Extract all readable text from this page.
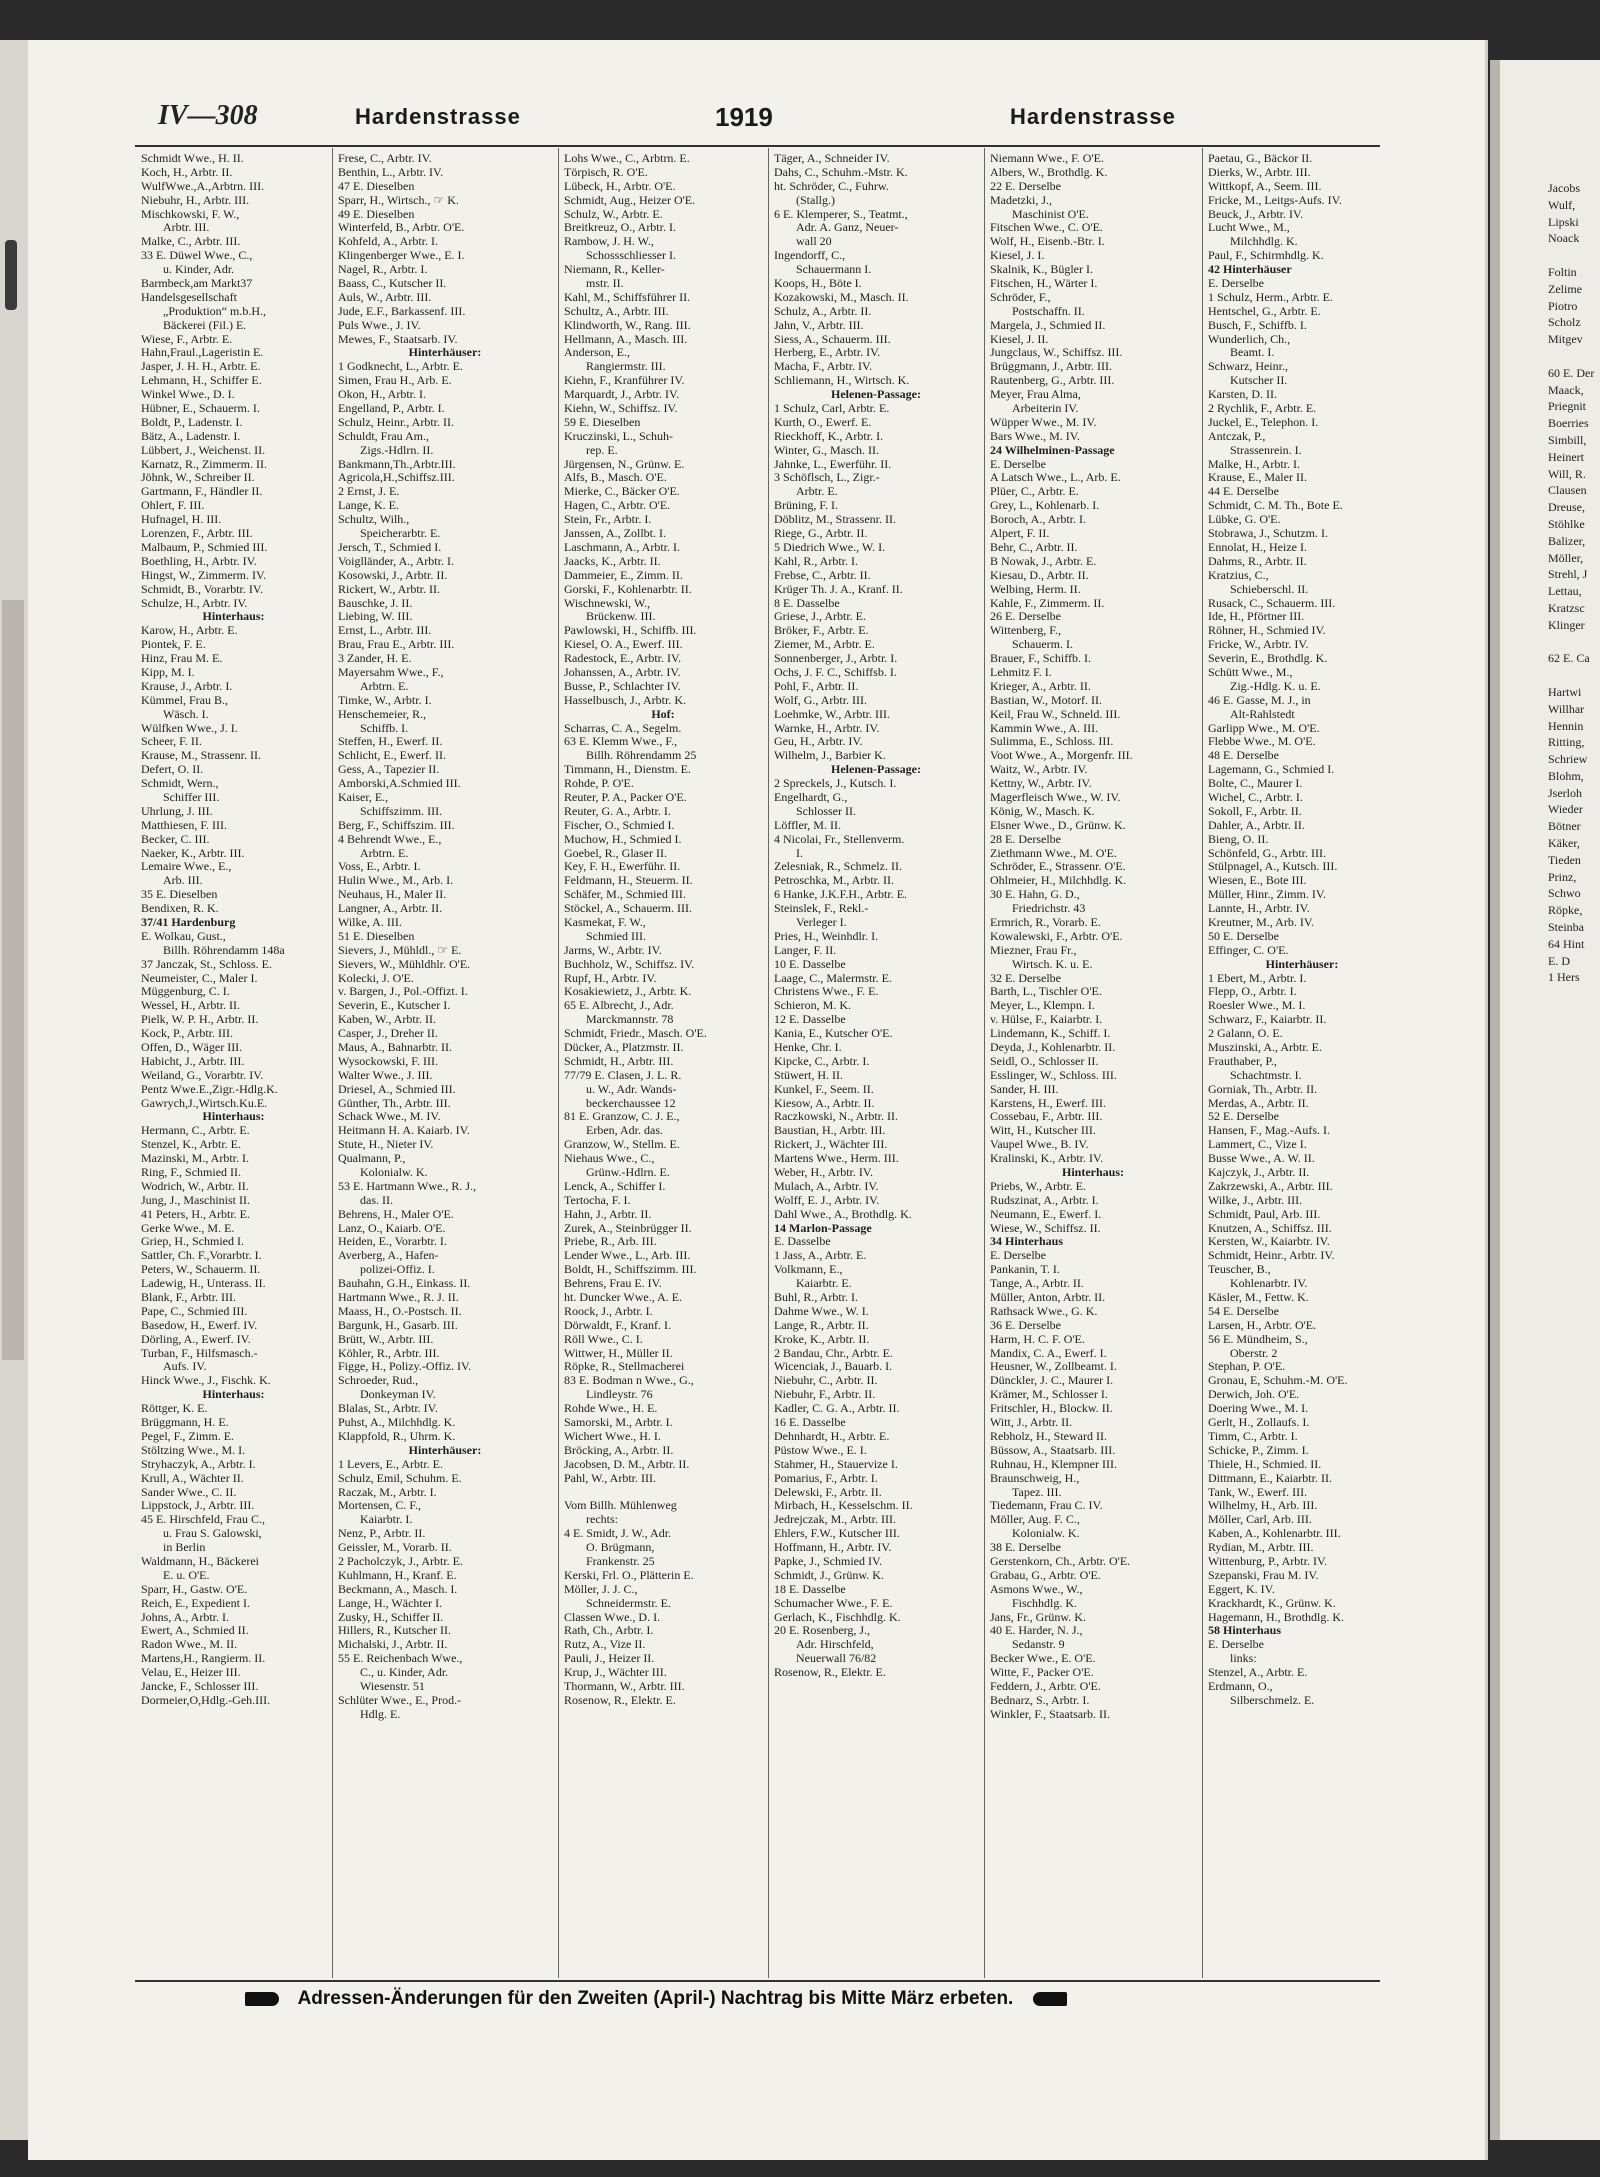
Jacobs
Wulf,
Lipski
Noack
Foltin
Zelime
Piotro
Scholz
Mitgev
60 E. Der
Maack,
Priegnit
Boerries
Simbill,
Heinert
Will, R.
Clausen
Dreuse,
Stöhlke
Balizer,
Möller,
Strehl, J
Lettau,
Kratzsc
Klinger
62 E. Ca
Hartwi
Willhar
Hennin
Ritting,
Schriew
Blohm,
Jserloh
Wieder
Bötner
Käker,
Tieden
Prinz,
Schwo
Röpke,
Steinba
64 Hint
E. D
1 Hers
IV—308	Hardenstrasse	1919	Hardenstrasse
Schmidt Wwe., H. II.
Koch, H., Arbtr. II.
WulfWwe.,A.,Arbtrn. III.
Niebuhr, H., Arbtr. III.
Mischkowski, F. W.,
Arbtr. III.
Malke, C., Arbtr. III.
33 E. Düwel Wwe., C.,
u. Kinder, Adr.
Barmbeck,am Markt37
Handelsgesellschaft
„Produktion“ m.b.H.,
Bäckerei (Fil.) E.
Wiese, F., Arbtr. E.
Hahn,Fraul.,Lageristin E.
Jasper, J. H. H., Arbtr. E.
Lehmann, H., Schiffer E.
Winkel Wwe., D. I.
Hübner, E., Schauerm. I.
Boldt, P., Ladenstr. I.
Bätz, A., Ladenstr. I.
Lübbert, J., Weichenst. II.
Karnatz, R., Zimmerm. II.
Jöhnk, W., Schreiber II.
Gartmann, F., Händler II.
Ohlert, F. III.
Hufnagel, H. III.
Lorenzen, F., Arbtr. III.
Malbaum, P., Schmied III.
Boethling, H., Arbtr. IV.
Hingst, W., Zimmerm. IV.
Schmidt, B., Vorarbtr. IV.
Schulze, H., Arbtr. IV.
Hinterhaus:
Karow, H., Arbtr. E.
Piontek, F. E.
Hinz, Frau M. E.
Kipp, M. I.
Krause, J., Arbtr. I.
Kümmel, Frau B.,
Wäsch. I.
Wülfken Wwe., J. I.
Scheer, F. II.
Krause, M., Strassenr. II.
Defert, O. II.
Schmidt, Wern.,
Schiffer III.
Uhrlung, J. III.
Matthiesen, F. III.
Becker, C. III.
Naeker, K., Arbtr. III.
Lemaire Wwe., E.,
Arb. III.
35 E. Dieselben
Bendixen, R. K.
37/41 Hardenburg
E. Wolkau, Gust.,
Billh. Röhrendamm 148a
37 Janczak, St., Schloss. E.
Neumeister, C., Maler I.
Müggenburg, C. I.
Wessel, H., Arbtr. II.
Pielk, W. P. H., Arbtr. II.
Kock, P., Arbtr. III.
Offen, D., Wäger III.
Habicht, J., Arbtr. III.
Weiland, G., Vorarbtr. IV.
Pentz Wwe.E.,Zigr.-Hdlg.K.
Gawrych,J.,Wirtsch.Ku.E.
Hinterhaus:
Hermann, C., Arbtr. E.
Stenzel, K., Arbtr. E.
Mazinski, M., Arbtr. I.
Ring, F., Schmied II.
Wodrich, W., Arbtr. II.
Jung, J., Maschinist II.
41 Peters, H., Arbtr. E.
Gerke Wwe., M. E.
Griep, H., Schmied I.
Sattler, Ch. F.,Vorarbtr. I.
Peters, W., Schauerm. II.
Ladewig, H., Unterass. II.
Blank, F., Arbtr. III.
Pape, C., Schmied III.
Basedow, H., Ewerf. IV.
Dörling, A., Ewerf. IV.
Turban, F., Hilfsmasch.-
Aufs. IV.
Hinck Wwe., J., Fischk. K.
Hinterhaus:
Röttger, K. E.
Brüggmann, H. E.
Pegel, F., Zimm. E.
Stöltzing Wwe., M. I.
Stryhaczyk, A., Arbtr. I.
Krull, A., Wächter II.
Sander Wwe., C. II.
Lippstock, J., Arbtr. III.
45 E. Hirschfeld, Frau C.,
u. Frau S. Galowski,
in Berlin
Waldmann, H., Bäckerei
E. u. O'E.
Sparr, H., Gastw. O'E.
Reich, E., Expedient I.
Johns, A., Arbtr. I.
Ewert, A., Schmied II.
Radon Wwe., M. II.
Martens,H., Rangierm. II.
Velau, E., Heizer III.
Jancke, F., Schlosser III.
Dormeier,O,Hdlg.-Geh.III.
Frese, C., Arbtr. IV.
Benthin, L., Arbtr. IV.
47 E. Dieselben
Sparr, H., Wirtsch., ☞ K.
49 E. Dieselben
Winterfeld, B., Arbtr. O'E.
Kohfeld, A., Arbtr. I.
Klingenberger Wwe., E. I.
Nagel, R., Arbtr. I.
Baass, C., Kutscher II.
Auls, W., Arbtr. III.
Jude, E.F., Barkassenf. III.
Puls Wwe., J. IV.
Mewes, F., Staatsarb. IV.
Hinterhäuser:
1 Godknecht, L., Arbtr. E.
Simen, Frau H., Arb. E.
Okon, H., Arbtr. I.
Engelland, P., Arbtr. I.
Schulz, Heinr., Arbtr. II.
Schuldt, Frau Am.,
Zigs.-Hdlrn. II.
Bankmann,Th.,Arbtr.III.
Agricola,H.,Schiffsz.III.
2 Ernst, J. E.
Lange, K. E.
Schultz, Wilh.,
Speicherarbtr. E.
Jersch, T., Schmied I.
Voiglländer, A., Arbtr. I.
Kosowski, J., Arbtr. II.
Rickert, W., Arbtr. II.
Bauschke, J. II.
Liebing, W. III.
Ernst, L., Arbtr. III.
Brau, Frau E., Arbtr. III.
3 Zander, H. E.
Mayersahm Wwe., F.,
Arbtrn. E.
Timke, W., Arbtr. I.
Henschemeier, R.,
Schiffb. I.
Steffen, H., Ewerf. II.
Schlicht, E., Ewerf. II.
Gess, A., Tapezier II.
Amborski,A.Schmied III.
Kaiser, E.,
Schiffszimm. III.
Berg, F., Schiffszim. III.
4 Behrendt Wwe., E.,
Arbtrn. E.
Voss, E., Arbtr. I.
Hulin Wwe., M., Arb. I.
Neuhaus, H., Maler II.
Langner, A., Arbtr. II.
Wilke, A. III.
51 E. Dieselben
Sievers, J., Mühldl., ☞ E.
Sievers, W., Mühldhlr. O'E.
Kolecki, J. O'E.
v. Bargen, J., Pol.-Offizt. I.
Severin, E., Kutscher I.
Kaben, W., Arbtr. II.
Casper, J., Dreher II.
Maus, A., Bahnarbtr. II.
Wysockowski, F. III.
Walter Wwe., J. III.
Driesel, A., Schmied III.
Günther, Th., Arbtr. III.
Schack Wwe., M. IV.
Heitmann H. A. Kaiarb. IV.
Stute, H., Nieter IV.
Qualmann, P.,
Kolonialw. K.
53 E. Hartmann Wwe., R. J.,
das. II.
Behrens, H., Maler O'E.
Lanz, O., Kaiarb. O'E.
Heiden, E., Vorarbtr. I.
Averberg, A., Hafen-
polizei-Offiz. I.
Bauhahn, G.H., Einkass. II.
Hartmann Wwe., R. J. II.
Maass, H., O.-Postsch. II.
Bargunk, H., Gasarb. III.
Brütt, W., Arbtr. III.
Köhler, R., Arbtr. III.
Figge, H., Polizy.-Offiz. IV.
Schroeder, Rud.,
Donkeyman IV.
Blalas, St., Arbtr. IV.
Puhst, A., Milchhdlg. K.
Klappfold, R., Uhrm. K.
Hinterhäuser:
1 Levers, E., Arbtr. E.
Schulz, Emil, Schuhm. E.
Raczak, M., Arbtr. I.
Mortensen, C. F.,
Kaiarbtr. I.
Nenz, P., Arbtr. II.
Geissler, M., Vorarb. II.
2 Pacholczyk, J., Arbtr. E.
Kuhlmann, H., Kranf. E.
Beckmann, A., Masch. I.
Lange, H., Wächter I.
Zusky, H., Schiffer II.
Hillers, R., Kutscher II.
Michalski, J., Arbtr. II.
55 E. Reichenbach Wwe.,
C., u. Kinder, Adr.
Wiesenstr. 51
Schlüter Wwe., E., Prod.-
Hdlg. E.
Lohs Wwe., C., Arbtrn. E.
Törpisch, R. O'E.
Lübeck, H., Arbtr. O'E.
Schmidt, Aug., Heizer O'E.
Schulz, W., Arbtr. E.
Breitkreuz, O., Arbtr. I.
Rambow, J. H. W.,
Schossschliesser I.
Niemann, R., Keller-
mstr. II.
Kahl, M., Schiffsführer II.
Schultz, A., Arbtr. III.
Klindworth, W., Rang. III.
Hellmann, A., Masch. III.
Anderson, E.,
Rangiermstr. III.
Kiehn, F., Kranführer IV.
Marquardt, J., Arbtr. IV.
Kiehn, W., Schiffsz. IV.
59 E. Dieselben
Kruczinski, L., Schuh-
rep. E.
Jürgensen, N., Grünw. E.
Alfs, B., Masch. O'E.
Mierke, C., Bäcker O'E.
Hagen, C., Arbtr. O'E.
Stein, Fr., Arbtr. I.
Janssen, A., Zollbt. I.
Laschmann, A., Arbtr. I.
Jaacks, K., Arbtr. II.
Dammeier, E., Zimm. II.
Gorski, F., Kohlenarbtr. II.
Wischnewski, W.,
Brückenw. III.
Pawlowski, H., Schiffb. III.
Kiesel, O. A., Ewerf. III.
Radestock, E., Arbtr. IV.
Johanssen, A., Arbtr. IV.
Busse, P., Schlachter IV.
Hasselbusch, J., Arbtr. K.
Hof:
Scharras, C. A., Segelm.
63 E. Klemm Wwe., F.,
Billh. Röhrendamm 25
Timmann, H., Dienstm. E.
Rohde, P. O'E.
Reuter, P. A., Packer O'E.
Reuter, G. A., Arbtr. I.
Fischer, O., Schmied I.
Muchow, H., Schmied I.
Goebel, R., Glaser II.
Key, F. H., Ewerführ. II.
Feldmann, H., Steuerm. II.
Schäfer, M., Schmied III.
Stöckel, A., Schauerm. III.
Kasmekat, F. W.,
Schmied III.
Jarms, W., Arbtr. IV.
Buchholz, W., Schiffsz. IV.
Rupf, H., Arbtr. IV.
Kosakiewietz, J., Arbtr. K.
65 E. Albrecht, J., Adr.
Marckmannstr. 78
Schmidt, Friedr., Masch. O'E.
Dücker, A., Platzmstr. II.
Schmidt, H., Arbtr. III.
77/79 E. Clasen, J. L. R.
u. W., Adr. Wands-
beckerchaussee 12
81 E. Granzow, C. J. E.,
Erben, Adr. das.
Granzow, W., Stellm. E.
Niehaus Wwe., C.,
Grünw.-Hdlrn. E.
Lenck, A., Schiffer I.
Tertocha, F. I.
Hahn, J., Arbtr. II.
Zurek, A., Steinbrügger II.
Priebe, R., Arb. III.
Lender Wwe., L., Arb. III.
Boldt, H., Schiffszimm. III.
Behrens, Frau E. IV.
ht. Duncker Wwe., A. E.
Roock, J., Arbtr. I.
Dörwaldt, F., Kranf. I.
Röll Wwe., C. I.
Wittwer, H., Müller II.
Röpke, R., Stellmacherei
83 E. Bodman n Wwe., G.,
Lindleystr. 76
Rohde Wwe., H. E.
Samorski, M., Arbtr. I.
Wichert Wwe., H. I.
Bröcking, A., Arbtr. II.
Jacobsen, D. M., Arbtr. II.
Pahl, W., Arbtr. III.
Vom Billh. Mühlenweg
rechts:
4 E. Smidt, J. W., Adr.
O. Brügmann,
Frankenstr. 25
Kerski, Frl. O., Plätterin E.
Möller, J. J. C.,
Schneidermstr. E.
Classen Wwe., D. I.
Rath, Ch., Arbtr. I.
Rutz, A., Vize II.
Pauli, J., Heizer II.
Krup, J., Wächter III.
Thormann, W., Arbtr. III.
Rosenow, R., Elektr. E.
Täger, A., Schneider IV.
Dahs, C., Schuhm.-Mstr. K.
ht. Schröder, C., Fuhrw.
(Stallg.)
6 E. Klemperer, S., Teatmt.,
Adr. A. Ganz, Neuer-
wall 20
Ingendorff, C.,
Schauermann I.
Koops, H., Böte I.
Kozakowski, M., Masch. II.
Schulz, A., Arbtr. II.
Jahn, V., Arbtr. III.
Siess, A., Schauerm. III.
Herberg, E., Arbtr. IV.
Macha, F., Arbtr. IV.
Schliemann, H., Wirtsch. K.
Helenen-Passage:
1 Schulz, Carl, Arbtr. E.
Kurth, O., Ewerf. E.
Rieckhoff, K., Arbtr. I.
Winter, G., Masch. II.
Jahnke, L., Ewerführ. II.
3 Schöflsch, L., Zigr.-
Arbtr. E.
Brüning, F. I.
Döblitz, M., Strassenr. II.
Riege, G., Arbtr. II.
5 Diedrich Wwe., W. I.
Kahl, R., Arbtr. I.
Frebse, C., Arbtr. II.
Krüger Th. J. A., Kranf. II.
8 E. Dasselbe
Griese, J., Arbtr. E.
Bröker, F., Arbtr. E.
Ziemer, M., Arbtr. E.
Sonnenberger, J., Arbtr. I.
Ochs, J. F. C., Schiffsb. I.
Pohl, F., Arbtr. II.
Wolf, G., Arbtr. III.
Loehmke, W., Arbtr. III.
Warnke, H., Arbtr. IV.
Geu, H., Arbtr. IV.
Wilhelm, J., Barbier K.
Helenen-Passage:
2 Spreckels, J., Kutsch. I.
Engelhardt, G.,
Schlosser II.
Löffler, M. II.
4 Nicolai, Fr., Stellenverm.
I.
Zelesniak, R., Schmelz. II.
Petroschka, M., Arbtr. II.
6 Hanke, J.K.F.H., Arbtr. E.
Steinslek, F., Rekl.-
Verleger I.
Pries, H., Weinhdlr. I.
Langer, F. II.
10 E. Dasselbe
Laage, C., Malermstr. E.
Christens Wwe., F. E.
Schieron, M. K.
12 E. Dasselbe
Kania, E., Kutscher O'E.
Henke, Chr. I.
Kipcke, C., Arbtr. I.
Stüwert, H. II.
Kunkel, F., Seem. II.
Kiesow, A., Arbtr. II.
Raczkowski, N., Arbtr. II.
Baustian, H., Arbtr. III.
Rickert, J., Wächter III.
Martens Wwe., Herm. III.
Weber, H., Arbtr. IV.
Mulach, A., Arbtr. IV.
Wolff, E. J., Arbtr. IV.
Dahl Wwe., A., Brothdlg. K.
14 Marlon-Passage
E. Dasselbe
1 Jass, A., Arbtr. E.
Volkmann, E.,
Kaiarbtr. E.
Buhl, R., Arbtr. I.
Dahme Wwe., W. I.
Lange, R., Arbtr. II.
Kroke, K., Arbtr. II.
2 Bandau, Chr., Arbtr. E.
Wicenciak, J., Bauarb. I.
Niebuhr, C., Arbtr. II.
Niebuhr, F., Arbtr. II.
Kadler, C. G. A., Arbtr. II.
16 E. Dasselbe
Dehnhardt, H., Arbtr. E.
Püstow Wwe., E. I.
Stahmer, H., Stauervize I.
Pomarius, F., Arbtr. I.
Delewski, F., Arbtr. II.
Mirbach, H., Kesselschm. II.
Jedrejczak, M., Arbtr. III.
Ehlers, F.W., Kutscher III.
Hoffmann, H., Arbtr. IV.
Papke, J., Schmied IV.
Schmidt, J., Grünw. K.
18 E. Dasselbe
Schumacher Wwe., F. E.
Gerlach, K., Fischhdlg. K.
20 E. Rosenberg, J.,
Adr. Hirschfeld,
Neuerwall 76/82
Rosenow, R., Elektr. E.
Niemann Wwe., F. O'E.
Albers, W., Brothdlg. K.
22 E. Derselbe
Madetzki, J.,
Maschinist O'E.
Fitschen Wwe., C. O'E.
Wolf, H., Eisenb.-Btr. I.
Kiesel, J. I.
Skalnik, K., Bügler I.
Fitschen, H., Wärter I.
Schröder, F.,
Postschaffn. II.
Margela, J., Schmied II.
Kiesel, J. II.
Jungclaus, W., Schiffsz. III.
Brüggmann, J., Arbtr. III.
Rautenberg, G., Arbtr. III.
Meyer, Frau Alma,
Arbeiterin IV.
Wüpper Wwe., M. IV.
Bars Wwe., M. IV.
24 Wilhelminen-Passage
E. Derselbe
A Latsch Wwe., L., Arb. E.
Plüer, C., Arbtr. E.
Grey, L., Kohlenarb. I.
Boroch, A., Arbtr. I.
Alpert, F. II.
Behr, C., Arbtr. II.
B Nowak, J., Arbtr. E.
Kiesau, D., Arbtr. II.
Welbing, Herm. II.
Kahle, F., Zimmerm. II.
26 E. Derselbe
Wittenberg, F.,
Schauerm. I.
Brauer, F., Schiffb. I.
Lehmitz F. I.
Krieger, A., Arbtr. II.
Bastian, W., Motorf. II.
Keil, Frau W., Schneld. III.
Kammin Wwe., A. III.
Sulimma, E., Schloss. III.
Voot Wwe., A., Morgenfr. III.
Waitz, W., Arbtr. IV.
Kettny, W., Arbtr. IV.
Magerfleisch Wwe., W. IV.
König, W., Masch. K.
Elsner Wwe., D., Grünw. K.
28 E. Derselbe
Ziethmann Wwe., M. O'E.
Schröder, E., Strassenr. O'E.
Ohlmeier, H., Milchhdlg. K.
30 E. Hahn, G. D.,
Friedrichstr. 43
Ermrich, R., Vorarb. E.
Kowalewski, F., Arbtr. O'E.
Miezner, Frau Fr.,
Wirtsch. K. u. E.
32 E. Derselbe
Barth, L., Tischler O'E.
Meyer, L., Klempn. I.
v. Hülse, F., Kaiarbtr. I.
Lindemann, K., Schiff. I.
Deyda, J., Kohlenarbtr. II.
Seidl, O., Schlosser II.
Esslinger, W., Schloss. III.
Sander, H. III.
Karstens, H., Ewerf. III.
Cossebau, F., Arbtr. III.
Witt, H., Kutscher III.
Vaupel Wwe., B. IV.
Kralinski, K., Arbtr. IV.
Hinterhaus:
Priebs, W., Arbtr. E.
Rudszinat, A., Arbtr. I.
Neumann, E., Ewerf. I.
Wiese, W., Schiffsz. II.
34 Hinterhaus
E. Derselbe
Pankanin, T. I.
Tange, A., Arbtr. II.
Müller, Anton, Arbtr. II.
Rathsack Wwe., G. K.
36 E. Derselbe
Harm, H. C. F. O'E.
Mandix, C. A., Ewerf. I.
Heusner, W., Zollbeamt. I.
Dünckler, J. C., Maurer I.
Krämer, M., Schlosser I.
Fritschler, H., Blockw. II.
Witt, J., Arbtr. II.
Rebholz, H., Steward II.
Büssow, A., Staatsarb. III.
Ruhnau, H., Klempner III.
Braunschweig, H.,
Tapez. III.
Tiedemann, Frau C. IV.
Möller, Aug. F. C.,
Kolonialw. K.
38 E. Derselbe
Gerstenkorn, Ch., Arbtr. O'E.
Grabau, G., Arbtr. O'E.
Asmons Wwe., W.,
Fischhdlg. K.
Jans, Fr., Grünw. K.
40 E. Harder, N. J.,
Sedanstr. 9
Becker Wwe., E. O'E.
Witte, F., Packer O'E.
Feddern, J., Arbtr. O'E.
Bednarz, S., Arbtr. I.
Winkler, F., Staatsarb. II.
Paetau, G., Bäckor II.
Dierks, W., Arbtr. III.
Wittkopf, A., Seem. III.
Fricke, M., Leitgs-Aufs. IV.
Beuck, J., Arbtr. IV.
Lucht Wwe., M.,
Milchhdlg. K.
Paul, F., Schirmhdlg. K.
42 Hinterhäuser
E. Derselbe
1 Schulz, Herm., Arbtr. E.
Hentschel, G., Arbtr. E.
Busch, F., Schiffb. I.
Wunderlich, Ch.,
Beamt. I.
Schwarz, Heinr.,
Kutscher II.
Karsten, D. II.
2 Rychlik, F., Arbtr. E.
Juckel, E., Telephon. I.
Antczak, P.,
Strassenrein. I.
Malke, H., Arbtr. I.
Krause, E., Maler II.
44 E. Derselbe
Schmidt, C. M. Th., Bote E.
Lübke, G. O'E.
Stobrawa, J., Schutzm. I.
Ennolat, H., Heize I.
Dahms, R., Arbtr. II.
Kratzius, C.,
Schieberschl. II.
Rusack, C., Schauerm. III.
Ide, H., Pförtner III.
Röhner, H., Schmied IV.
Fricke, W., Arbtr. IV.
Severin, E., Brothdlg. K.
Schütt Wwe., M.,
Zig.-Hdlg. K. u. E.
46 E. Gasse, M. J., in
Alt-Rahlstedt
Garlipp Wwe., M. O'E.
Flebbe Wwe., M. O'E.
48 E. Derselbe
Lagemann, G., Schmied I.
Bolte, C., Maurer I.
Wichel, C., Arbtr. I.
Sokoll, F., Arbtr. II.
Dahler, A., Arbtr. II.
Bieng, O. II.
Schönfeld, G., Arbtr. III.
Stülpnagel, A., Kutsch. III.
Wiesen, E., Bote III.
Müller, Hinr., Zimm. IV.
Lannte, H., Arbtr. IV.
Kreutner, M., Arb. IV.
50 E. Derselbe
Effinger, C. O'E.
Hinterhäuser:
1 Ebert, M., Arbtr. I.
Flepp, O., Arbtr. I.
Roesler Wwe., M. I.
Schwarz, F., Kaiarbtr. II.
2 Galann, O. E.
Muszinski, A., Arbtr. E.
Frauthaber, P.,
Schachtmstr. I.
Gorniak, Th., Arbtr. II.
Merdas, A., Arbtr. II.
52 E. Derselbe
Hansen, F., Mag.-Aufs. I.
Lammert, C., Vize I.
Busse Wwe., A. W. II.
Kajczyk, J., Arbtr. II.
Zakrzewski, A., Arbtr. III.
Wilke, J., Arbtr. III.
Schmidt, Paul, Arb. III.
Knutzen, A., Schiffsz. III.
Kersten, W., Kaiarbtr. IV.
Schmidt, Heinr., Arbtr. IV.
Teuscher, B.,
Kohlenarbtr. IV.
Käsler, M., Fettw. K.
54 E. Derselbe
Larsen, H., Arbtr. O'E.
56 E. Mündheim, S.,
Oberstr. 2
Stephan, P. O'E.
Gronau, E, Schuhm.-M. O'E.
Derwich, Joh. O'E.
Doering Wwe., M. I.
Gerlt, H., Zollaufs. I.
Timm, C., Arbtr. I.
Schicke, P., Zimm. I.
Thiele, H., Schmied. II.
Dittmann, E., Kaiarbtr. II.
Tank, W., Ewerf. III.
Wilhelmy, H., Arb. III.
Möller, Carl, Arb. III.
Kaben, A., Kohlenarbtr. III.
Rydian, M., Arbtr. III.
Wittenburg, P., Arbtr. IV.
Szepanski, Frau M. IV.
Eggert, K. IV.
Krackhardt, K., Grünw. K.
Hagemann, H., Brothdlg. K.
58 Hinterhaus
E. Derselbe
links:
Stenzel, A., Arbtr. E.
Erdmann, O.,
Silberschmelz. E.
Adressen-Änderungen für den Zweiten (April-) Nachtrag bis Mitte März erbeten.
